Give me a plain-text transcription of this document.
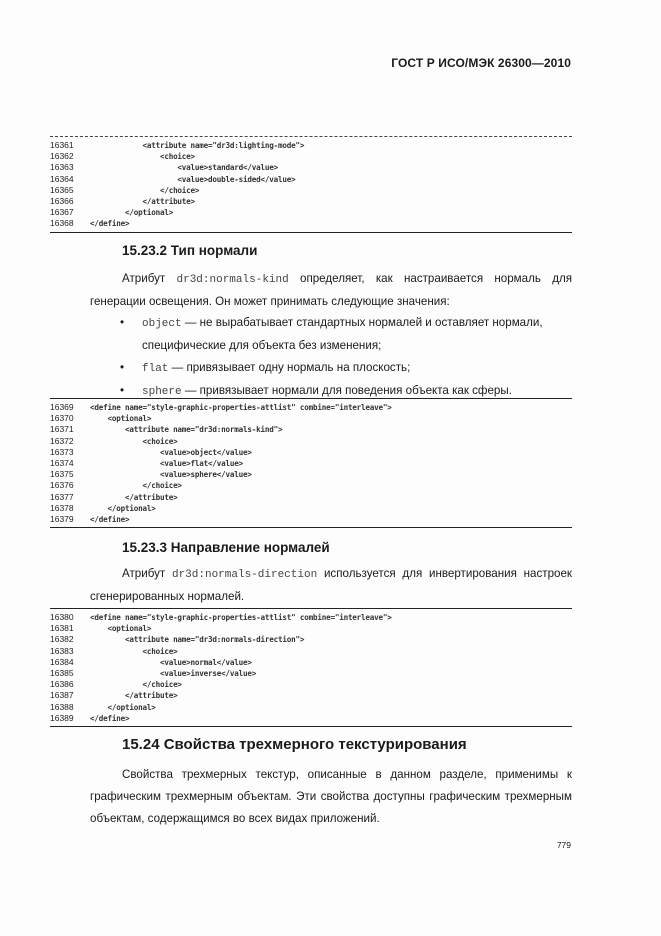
ГОСТ Р ИСО/МЭК 26300—2010
16361	<attribute name="dr3d:lighting-mode">
16362	<choice>
16363	<value>standard</value>
16364	<value>double-sided</value>
16365	</choice>
16366	</attribute>
16367	</optional>
16368	</define>
15.23.2 Тип нормали

Атрибут dr3d:normals-kind определяет, как настраивается нормаль для генерации освещения. Он может принимать следующие значения:

• object — не вырабатывает стандартных нормалей и оставляет нормали, специфические для объекта без изменения;
• flat — привязывает одну нормаль на плоскость;
• sphere — привязывает нормали для поведения объекта как сферы.
16369	<define name="style-graphic-properties-attlist" combine="interleave">
16370	<optional>
16371	<attribute name="dr3d:normals-kind">
16372	<choice>
16373	<value>object</value>
16374	<value>flat</value>
16375	<value>sphere</value>
16376	</choice>
16377	</attribute>
16378	</optional>
16379	</define>
15.23.3 Направление нормалей

Атрибут dr3d:normals-direction используется для инвертирования настроек сгенерированных нормалей.

16380	<define name="style-graphic-properties-attlist" combine="interleave">
16381	<optional>
16382	<attribute name="dr3d:normals-direction">
16383	<choice>
16384	<value>normal</value>
16385	<value>inverse</value>
16386	</choice>
16387	</attribute>
16388	</optional>
16389	</define>
15.24 Свойства трехмерного текстурирования

Свойства трехмерных текстур, описанные в данном разделе, применимы к графическим трехмерным объектам. Эти свойства доступны графическим трехмерным объектам, содержащимся во всех видах приложений.

779
